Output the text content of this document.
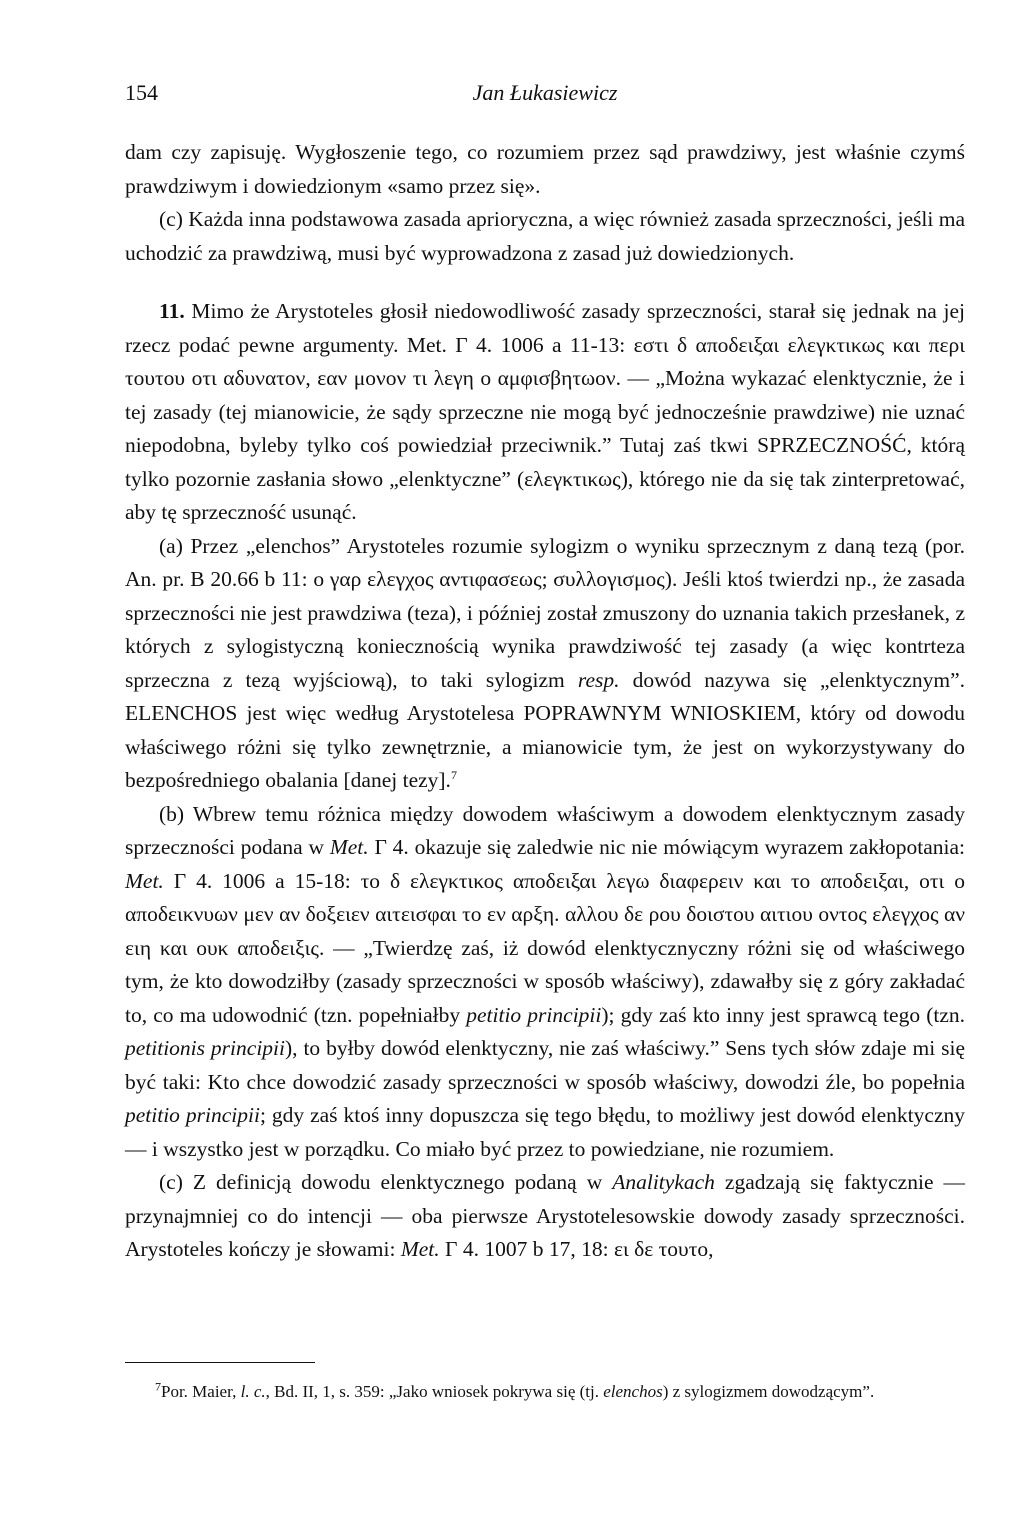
154	Jan Łukasiewicz

dam czy zapisuję. Wygłoszenie tego, co rozumiem przez sąd prawdziwy, jest właśnie czymś prawdziwym i dowiedzionym «samo przez się».

(c) Każda inna podstawowa zasada aprioryczna, a więc również zasada sprzeczności, jeśli ma uchodzić za prawdziwą, musi być wyprowadzona z zasad już dowiedzionych.

11. Mimo że Arystoteles głosił niedowodliwość zasady sprzeczności, starał się jednak na jej rzecz podać pewne argumenty. Met. Γ 4. 1006 a 11-13: εστι δ αποδειξαι ελεγκτικως και περι τουτου οτι αδυνατον, εαν μονον τι λεγη ο αμφισβητωον. — „Można wykazać elenktycznie, że i tej zasady (tej mianowicie, że sądy sprzeczne nie mogą być jednocześnie prawdziwe) nie uznać niepodobna, byleby tylko coś powiedział przeciwnik.” Tutaj zaś tkwi SPRZECZNOŚĆ, którą tylko pozornie zasłania słowo „elenktyczne” (ελεγκτικως), którego nie da się tak zinterpretować, aby tę sprzeczność usunąć.

(a) Przez „elenchos” Arystoteles rozumie sylogizm o wyniku sprzecznym z daną tezą (por. An. pr. B 20.66 b 11: ο γαρ ελεγχος αντιφασεως; συλλογισμος). Jeśli ktoś twierdzi np., że zasada sprzeczności nie jest prawdziwa (teza), i później został zmuszony do uznania takich przesłanek, z których z sylogistyczną koniecznością wynika prawdziwość tej zasady (a więc kontrteza sprzeczna z tezą wyjściową), to taki sylogizm resp. dowód nazywa się „elenktycznym”. ELENCHOS jest więc według Arystotelesa POPRAWNYM WNIOSKIEM, który od dowodu właściwego różni się tylko zewnętrznie, a mianowicie tym, że jest on wykorzystywany do bezpośredniego obalania [danej tezy].$^7$

(b) Wbrew temu różnica między dowodem właściwym a dowodem elenktycznym zasady sprzeczności podana w Met. Γ 4. okazuje się zaledwie nic nie mówiącym wyrazem zakłopotania: Met. Γ 4. 1006 a 15-18: το δ ελεγκτικος αποδειξαι λεγω διαφερειν και το αποδειξαι, οτι ο αποδεικνυων μεν αν δοξειεν αιτεισφαι το εν αρξη. αλλου δε ρου δοιστου αιτιου οντος ελεγχος αν ειη και ουκ αποδειξις. — „Twierdzę zaś, iż dowód elenktycznyczny różni się od właściwego tym, że kto dowodziłby (zasady sprzeczności w sposób właściwy), zdawałby się z góry zakładać to, co ma udowodnić (tzn. popełniałby petitio principii); gdy zaś kto inny jest sprawcą tego (tzn. petitionis principii), to byłby dowód elenktyczny, nie zaś właściwy.” Sens tych słów zdaje mi się być taki: Kto chce dowodzić zasady sprzeczności w sposób właściwy, dowodzi źle, bo popełnia petitio principii; gdy zaś ktoś inny dopuszcza się tego błędu, to możliwy jest dowód elenktyczny — i wszystko jest w porządku. Co miało być przez to powiedziane, nie rozumiem.

(c) Z definicją dowodu elenktycznego podaną w Analitykach zgadzają się faktycznie — przynajmniej co do intencji — oba pierwsze Arystotelesowskie dowody zasady sprzeczności. Arystoteles kończy je słowami: Met. Γ 4. 1007 b 17, 18: ει δε τουτο,

$^7$Por. Maier, l. c., Bd. II, 1, s. 359: „Jako wniosek pokrywa się (tj. elenchos) z sylogizmem dowodzącym”.
